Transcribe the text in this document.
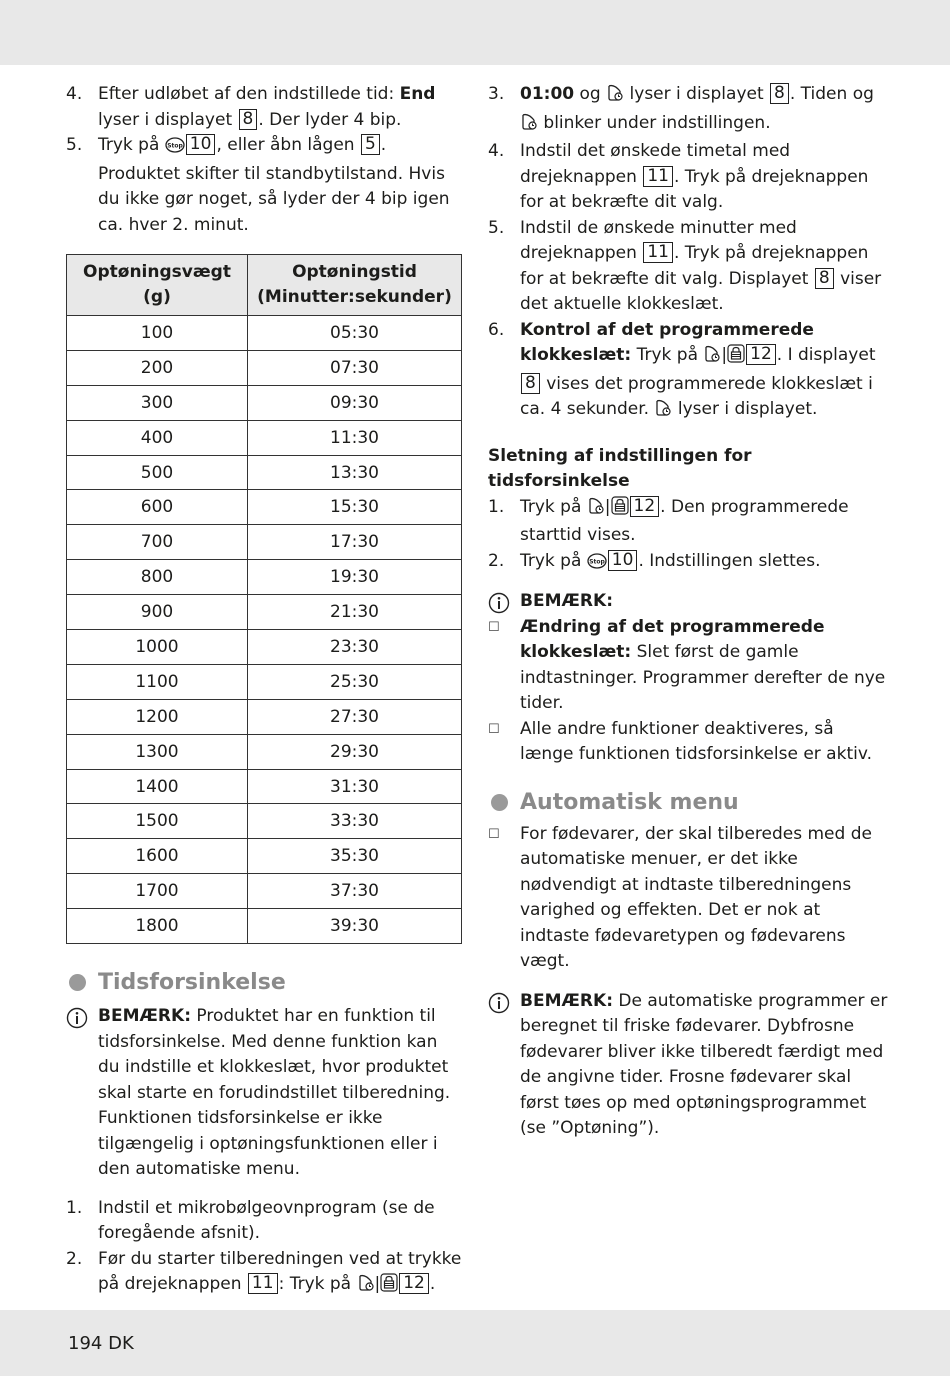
4. Efter udløbet af den indstillede tid: End lyser i displayet 8 . Der lyder 4 bip.
5. Tryk på Stop 10 , eller åbn lågen 5 . Produktet skifter til standbytilstand. Hvis du ikke gør noget, så lyder der 4 bip igen ca. hver 2. minut.
Optøningsvægt (g)	Optøningstid (Minutter:sekunder)
100	05:30
200	07:30
300	09:30
400	11:30
500	13:30
600	15:30
700	17:30
800	19:30
900	21:30
1000	23:30
1100	25:30
1200	27:30
1300	29:30
1400	31:30
1500	33:30
1600	35:30
1700	37:30
1800	39:30
Tidsforsinkelse
BEMÆRK: Produktet har en funktion til tidsforsinkelse. Med denne funktion kan du indstille et klokkeslæt, hvor produktet skal starte en forudindstillet tilberedning. Funktionen tidsforsinkelse er ikke tilgængelig i optøningsfunktionen eller i den automatiske menu.
1. Indstil et mikrobølgeovnprogram (se de foregående afsnit).
2. Før du starter tilberedningen ved at trykke på drejeknappen 11 : Tryk på | 12 .
3. 01:00 og  lyser i displayet 8 . Tiden og  blinker under indstillingen.
4. Indstil det ønskede timetal med drejeknappen 11 . Tryk på drejeknappen for at bekræfte dit valg.
5. Indstil de ønskede minutter med drejeknappen 11 . Tryk på drejeknappen for at bekræfte dit valg. Displayet 8 viser det aktuelle klokkeslæt.
6. Kontrol af det programmerede klokkeslæt: Tryk på | 12 . I displayet 8 vises det programmerede klokkeslæt i ca. 4 sekunder.  lyser i displayet.
Sletning af indstillingen for tidsforsinkelse
1. Tryk på | 12 . Den programmerede starttid vises.
2. Tryk på Stop 10 . Indstillingen slettes.
BEMÆRK:
☐ Ændring af det programmerede klokkeslæt: Slet først de gamle indtastninger. Programmer derefter de nye tider.
☐ Alle andre funktioner deaktiveres, så længe funktionen tidsforsinkelse er aktiv.
Automatisk menu
☐ For fødevarer, der skal tilberedes med de automatiske menuer, er det ikke nødvendigt at indtaste tilberedningens varighed og effekten. Det er nok at indtaste fødevaretypen og fødevarens vægt.
BEMÆRK: De automatiske programmer er beregnet til friske fødevarer. Dybfrosne fødevarer bliver ikke tilberedt færdigt med de angivne tider. Frosne fødevarer skal først tøes op med optøningsprogrammet (se ”Optøning”).
194 DK
